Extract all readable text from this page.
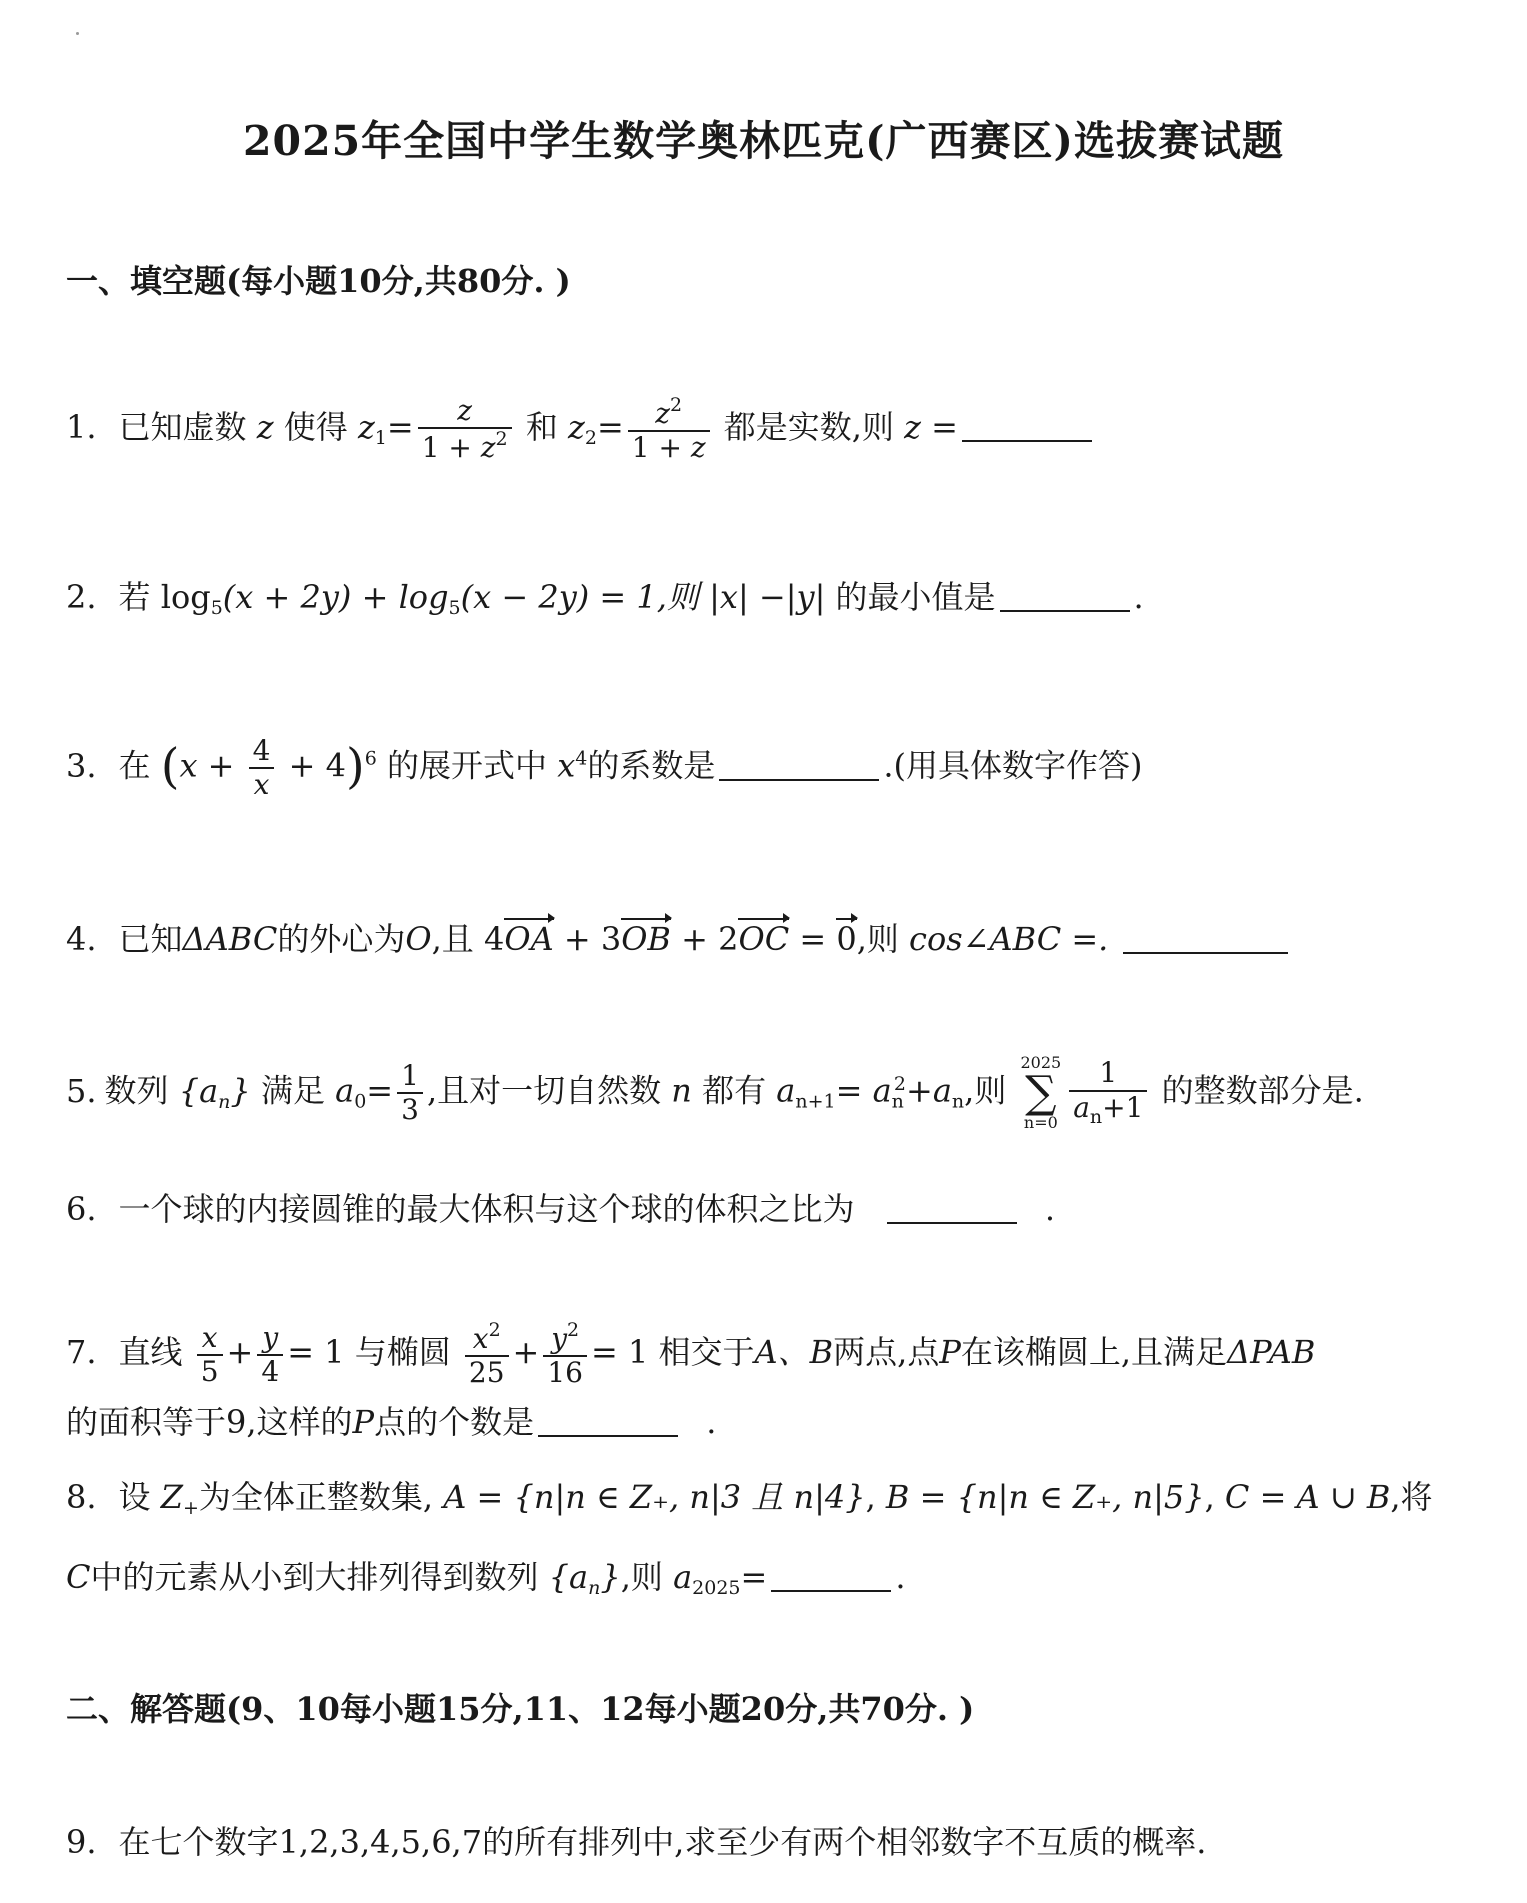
2025年全国中学生数学奥林匹克(广西赛区)选拔赛试题
一、填空题(每小题10分,共80分. )
1. 已知虚数 z 使得 $z_1= \frac{z}{1 + z^2}$ 和 $z_2= \frac{z^2}{1 + z}$ 都是实数,则 z =
2. 若 $\log_5(x + 2y) + \log_5(x - 2y) = 1$,则 |x| −|y| 的最小值是	.
3. 在 $(x + \frac{4}{x} + 4)^6$ 的展开式中 $x^4$的系数是	.(用具体数字作答)
4. 已知ΔABC的外心为O,且 4OA + 3OB + 2OC = 0,则 cos∠ABC =.
5. 数列 $\{a_n\}$ 满足 $a_0= \frac{1}{3}$ ,且对一切自然数 n 都有 $a_{n+1}= a_n^2+a_n$,则
2025
∑
$n=0 \frac{1}{a_n+1}$ 的整数部分是.
6. 一个球的内接圆锥的最大体积与这个球的体积之比为	.
7. 直线 $\frac{x}{5} + \frac{y}{4} = 1$ 与椭圆 $\frac{x^2}{25} + \frac{y^2}{16} = 1$ 相交于A、B两点,点P在该椭圆上,且满足ΔPAB
的面积等于9,这样的P点的个数是	.
8. 设 $Z_+$为全体正整数集, A = {n|n ∈ Z₊, n|3 且 n|4}, B = {n|n ∈ Z₊, n|5}, C = A ∪ B,将
C中的元素从小到大排列得到数列 $\{a_n\}$,则 $a_{2025}=$	.
二、解答题(9、10每小题15分,11、12每小题20分,共70分. )
9. 在七个数字1,2,3,4,5,6,7的所有排列中,求至少有两个相邻数字不互质的概率.
